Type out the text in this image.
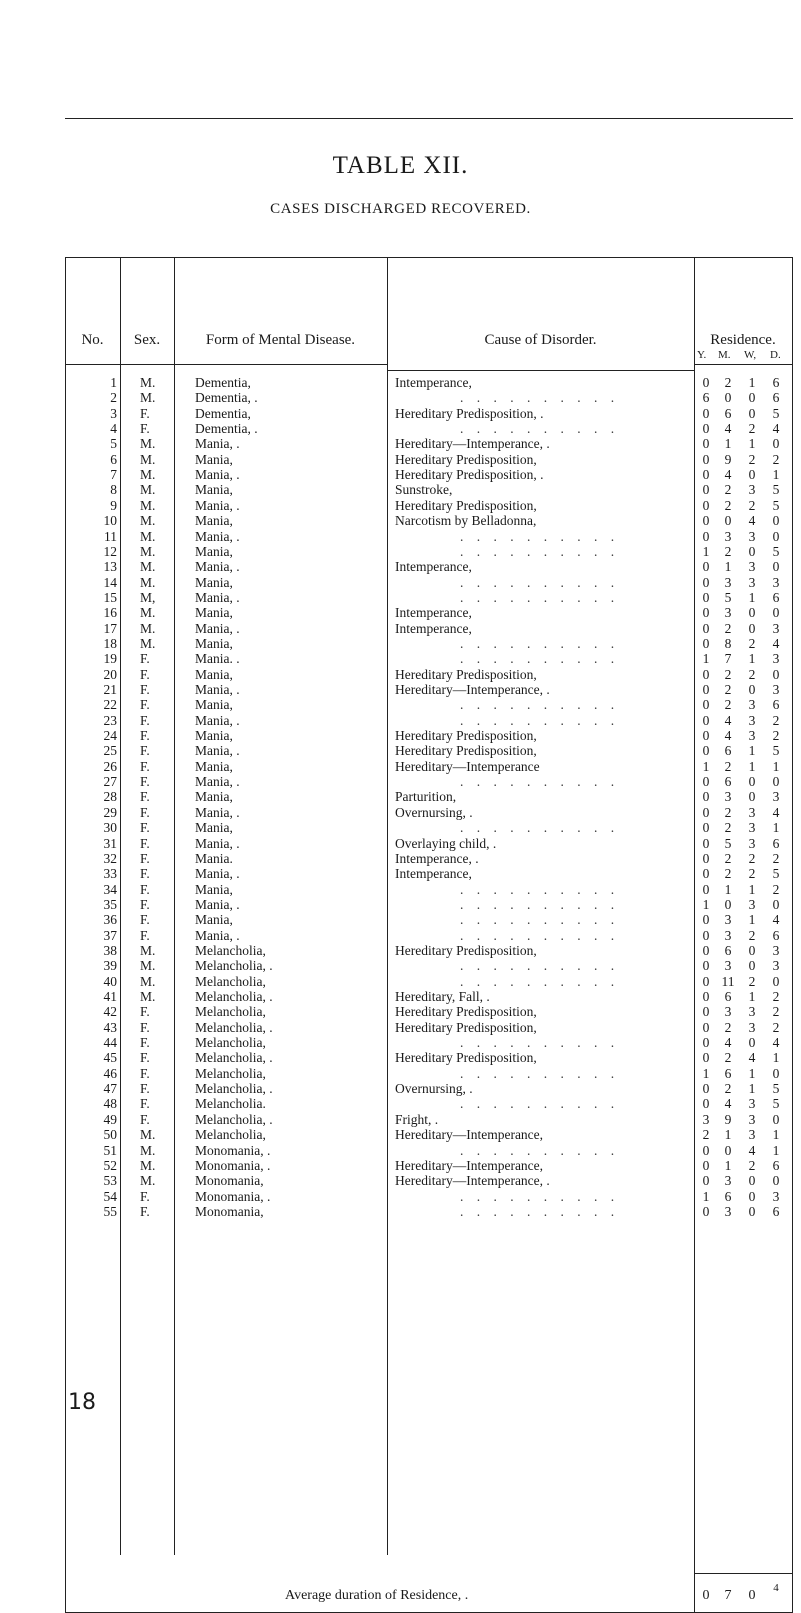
TABLE XII.
CASES DISCHARGED RECOVERED.
No.	Sex.	Form of Mental Disease.	Cause of Disorder.	Residence.
Y. M. W, D.
1 M.	Dementia,	Intemperance,	0 2 1 6
2 M.	Dementia, .	. . . . . . . . . .	6 0 0 6
3 F.	Dementia,	Hereditary Predisposition, .	0 6 0 5
4 F.	Dementia, .	. . . . . . . . . .	0 4 2 4
5 M.	Mania, .	Hereditary—Intemperance, .	0 1 1 0
6 M.	Mania,	Hereditary Predisposition,	0 9 2 2
7 M.	Mania, .	Hereditary Predisposition, .	0 4 0 1
8 M.	Mania,	Sunstroke,	0 2 3 5
9 M.	Mania, .	Hereditary Predisposition,	0 2 2 5
10 M.	Mania,	Narcotism by Belladonna,	0 0 4 0
11 M.	Mania, .	. . . . . . . . . .	0 3 3 0
12 M.	Mania,	. . . . . . . . . .	1 2 0 5
13 M.	Mania, .	Intemperance,	0 1 3 0
14 M.	Mania,	. . . . . . . . . .	0 3 3 3
15 M,	Mania, .	. . . . . . . . . .	0 5 1 6
16 M.	Mania,	Intemperance,	0 3 0 0
17 M.	Mania, .	Intemperance,	0 2 0 3
18 M.	Mania,	. . . . . . . . . .	0 8 2 4
19 F.	Mania. .	. . . . . . . . . .	1 7 1 3
20 F.	Mania,	Hereditary Predisposition,	0 2 2 0
21 F.	Mania, .	Hereditary—Intemperance, .	0 2 0 3
22 F.	Mania,	. . . . . . . . . .	0 2 3 6
23 F.	Mania, .	. . . . . . . . . .	0 4 3 2
24 F.	Mania,	Hereditary Predisposition,	0 4 3 2
25 F.	Mania, .	Hereditary Predisposition,	0 6 1 5
26 F.	Mania,	Hereditary—Intemperance	1 2 1 1
27 F.	Mania, .	. . . . . . . . . .	0 6 0 0
28 F.	Mania,	Parturition,	0 3 0 3
29 F.	Mania, .	Overnursing, .	0 2 3 4
30 F.	Mania,	. . . . . . . . . .	0 2 3 1
31 F.	Mania, .	Overlaying child, .	0 5 3 6
32 F.	Mania.	Intemperance, .	0 2 2 2
33 F.	Mania, .	Intemperance,	0 2 2 5
34 F.	Mania,	. . . . . . . . . .	0 1 1 2
35 F.	Mania, .	. . . . . . . . . .	1 0 3 0
36 F.	Mania,	. . . . . . . . . .	0 3 1 4
37 F.	Mania, .	. . . . . . . . . .	0 3 2 6
38 M.	Melancholia,	Hereditary Predisposition,	0 6 0 3
39 M.	Melancholia, .	. . . . . . . . . .	0 3 0 3
40 M.	Melancholia,	. . . . . . . . . .	0 11 2 0
41 M.	Melancholia, .	Hereditary, Fall, .	0 6 1 2
42 F.	Melancholia,	Hereditary Predisposition,	0 3 3 2
43 F.	Melancholia, .	Hereditary Predisposition,	0 2 3 2
44 F.	Melancholia,	. . . . . . . . . .	0 4 0 4
45 F.	Melancholia, .	Hereditary Predisposition,	0 2 4 1
46 F.	Melancholia,	. . . . . . . . . .	1 6 1 0
47 F.	Melancholia, .	Overnursing, .	0 2 1 5
48 F.	Melancholia.	. . . . . . . . . .	0 4 3 5
49 F.	Melancholia, .	Fright, .	3 9 3 0
50 M.	Melancholia,	Hereditary—Intemperance,	2 1 3 1
51 M.	Monomania, .	. . . . . . . . . .	0 0 4 1
52 M.	Monomania, .	Hereditary—Intemperance,	0 1 2 6
53 M.	Monomania,	Hereditary—Intemperance, .	0 3 0 0
54 F.	Monomania, .	. . . . . . . . . .	1 6 0 3
55 F.	Monomania,	. . . . . . . . . .	0 3 0 6
Average duration of Residence, .	0 7 0	4
18
